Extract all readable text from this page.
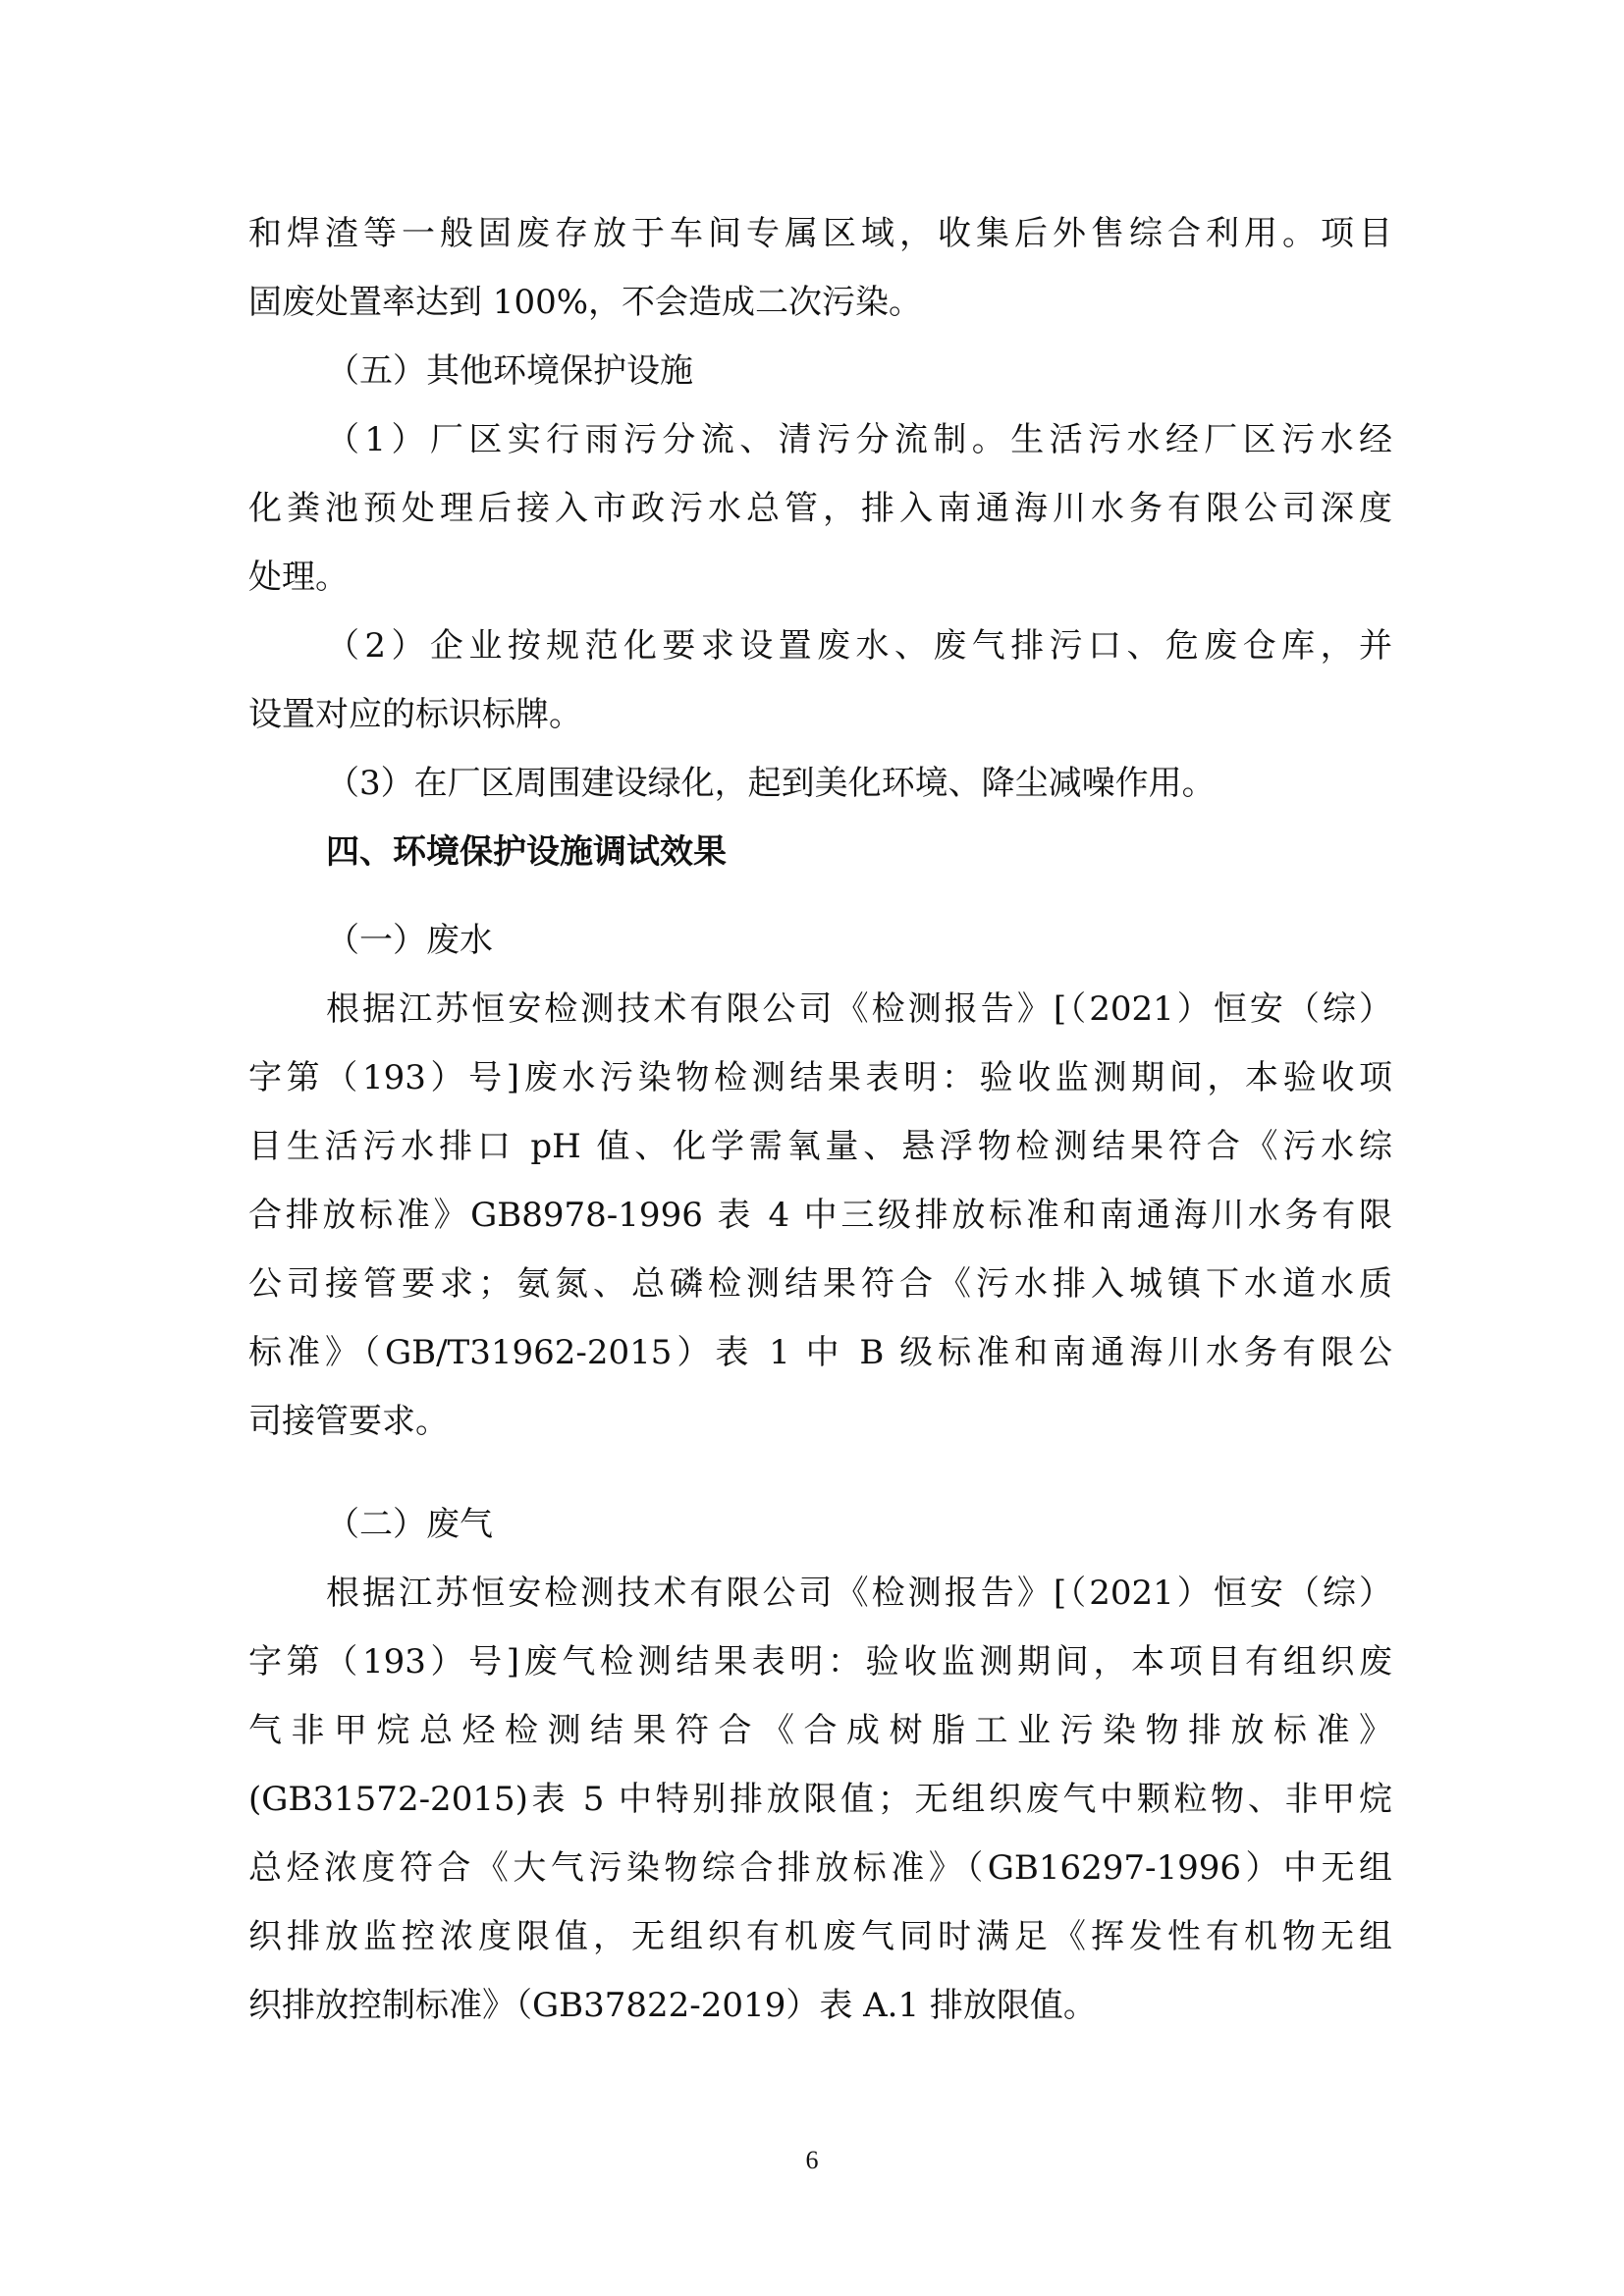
和焊渣等一般固废存放于车间专属区域，收集后外售综合利用。项目
固废处置率达到 100%，不会造成二次污染。
（五）其他环境保护设施
（1）厂区实行雨污分流、清污分流制。生活污水经厂区污水经
化粪池预处理后接入市政污水总管，排入南通海川水务有限公司深度
处理。
（2）企业按规范化要求设置废水、废气排污口、危废仓库，并
设置对应的标识标牌。
（3）在厂区周围建设绿化，起到美化环境、降尘减噪作用。
四、环境保护设施调试效果
（一）废水
根据江苏恒安检测技术有限公司《检测报告》[（2021）恒安（综）
字第（193）号]废水污染物检测结果表明：验收监测期间，本验收项
目生活污水排口 pH 值、化学需氧量、悬浮物检测结果符合《污水综
合排放标准》GB8978-1996 表 4 中三级排放标准和南通海川水务有限
公司接管要求；氨氮、总磷检测结果符合《污水排入城镇下水道水质
标准》（GB/T31962-2015）表 1 中 B 级标准和南通海川水务有限公
司接管要求。
（二）废气
根据江苏恒安检测技术有限公司《检测报告》[（2021）恒安（综）
字第（193）号]废气检测结果表明：验收监测期间，本项目有组织废
气非甲烷总烃检测结果符合《合成树脂工业污染物排放标准》
(GB31572-2015)表 5 中特别排放限值；无组织废气中颗粒物、非甲烷
总烃浓度符合《大气污染物综合排放标准》（GB16297-1996）中无组
织排放监控浓度限值，无组织有机废气同时满足《挥发性有机物无组
织排放控制标准》（GB37822-2019）表 A.1 排放限值。
6
